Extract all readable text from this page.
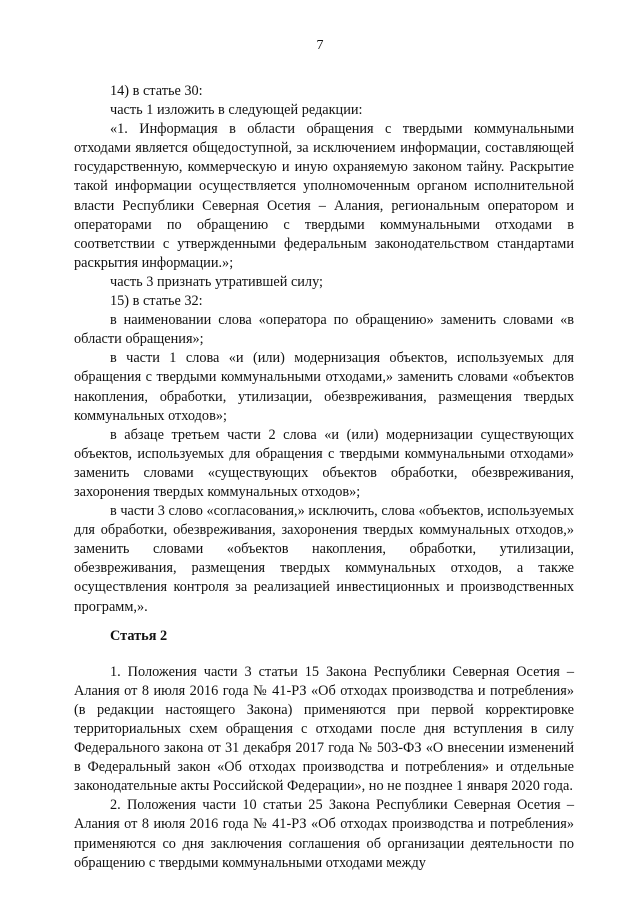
7

14) в статье 30:

часть 1 изложить в следующей редакции:

«1. Информация в области обращения с твердыми коммунальными отходами является общедоступной, за исключением информации, составляющей государственную, коммерческую и иную охраняемую законом тайну. Раскрытие такой информации осуществляется уполномоченным органом исполнительной власти Республики Северная Осетия – Алания, региональным оператором и операторами по обращению с твердыми коммунальными отходами в соответствии с утвержденными федеральным законодательством стандартами раскрытия информации.»;

часть 3 признать утратившей силу;

15) в статье 32:

в наименовании слова «оператора по обращению» заменить словами «в области обращения»;

в части 1 слова «и (или) модернизация объектов, используемых для обращения с твердыми коммунальными отходами,» заменить словами «объектов накопления, обработки, утилизации, обезвреживания, размещения твердых коммунальных отходов»;

в абзаце третьем части 2 слова «и (или) модернизации существующих объектов, используемых для обращения с твердыми коммунальными отходами» заменить словами «существующих объектов обработки, обезвреживания, захоронения твердых коммунальных отходов»;

в части 3 слово «согласования,» исключить, слова «объектов, используемых для обработки, обезвреживания, захоронения твердых коммунальных отходов,» заменить словами «объектов накопления, обработки, утилизации, обезвреживания, размещения твердых коммунальных отходов, а также осуществления контроля за реализацией инвестиционных и производственных программ,».

Статья 2

1. Положения части 3 статьи 15 Закона Республики Северная Осетия – Алания от 8 июля 2016 года № 41-РЗ «Об отходах производства и потребления» (в редакции настоящего Закона) применяются при первой корректировке территориальных схем обращения с отходами после дня вступления в силу Федерального закона от 31 декабря 2017 года № 503-ФЗ «О внесении изменений в Федеральный закон «Об отходах производства и потребления» и отдельные законодательные акты Российской Федерации», но не позднее 1 января 2020 года.

2. Положения части 10 статьи 25 Закона Республики Северная Осетия – Алания от 8 июля 2016 года № 41-РЗ «Об отходах производства и потребления» применяются со дня заключения соглашения об организации деятельности по обращению с твердыми коммунальными отходами между
